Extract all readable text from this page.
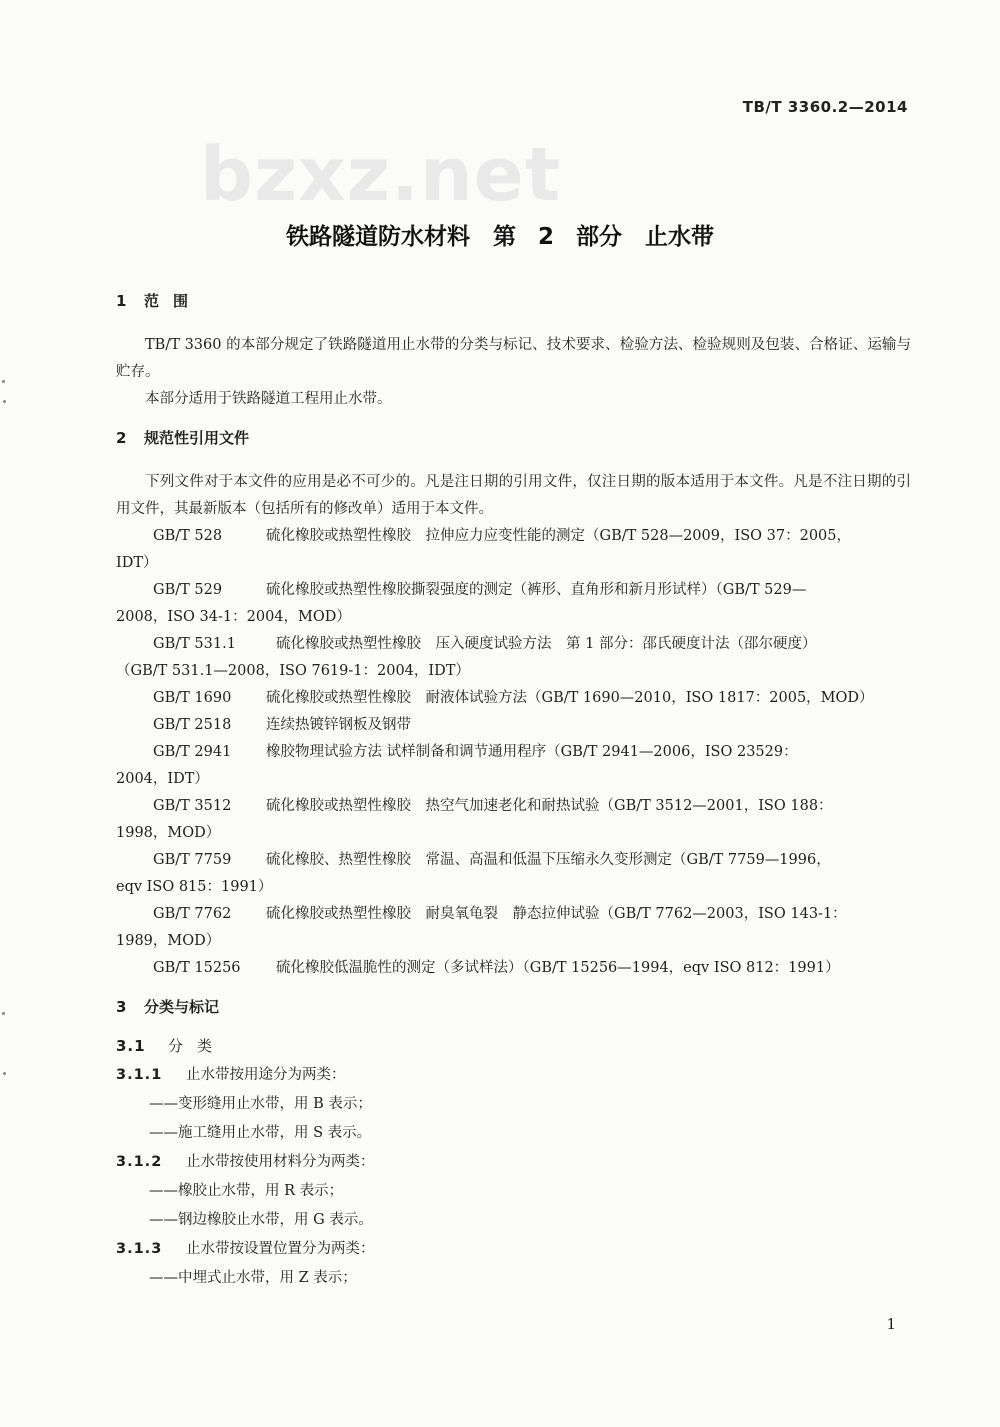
TB/T 3360.2—2014
bzxz.net
铁路隧道防水材料　第 2 部分　止水带
1 范围

TB/T 3360 的本部分规定了铁路隧道用止水带的分类与标记、技术要求、检验方法、检验规则及包装、合格证、运输与贮存。

本部分适用于铁路隧道工程用止水带。

2 规范性引用文件

下列文件对于本文件的应用是必不可少的。凡是注日期的引用文件，仅注日期的版本适用于本文件。凡是不注日期的引用文件，其最新版本（包括所有的修改单）适用于本文件。

GB/T 528	硫化橡胶或热塑性橡胶　拉伸应力应变性能的测定（GB/T 528—2009，ISO 37：2005，

IDT）

GB/T 529	硫化橡胶或热塑性橡胶撕裂强度的测定（裤形、直角形和新月形试样）（GB/T 529—

2008，ISO 34-1：2004，MOD）

GB/T 531.1	硫化橡胶或热塑性橡胶　压入硬度试验方法　第 1 部分：邵氏硬度计法（邵尔硬度）

（GB/T 531.1—2008，ISO 7619-1：2004，IDT）

GB/T 1690	硫化橡胶或热塑性橡胶　耐液体试验方法（GB/T 1690—2010，ISO 1817：2005，MOD）
GB/T 2518	连续热镀锌钢板及钢带
GB/T 2941	橡胶物理试验方法 试样制备和调节通用程序（GB/T 2941—2006，ISO 23529：

2004，IDT）

GB/T 3512	硫化橡胶或热塑性橡胶　热空气加速老化和耐热试验（GB/T 3512—2001，ISO 188：

1998，MOD）

GB/T 7759	硫化橡胶、热塑性橡胶　常温、高温和低温下压缩永久变形测定（GB/T 7759—1996，

eqv ISO 815：1991）

GB/T 7762	硫化橡胶或热塑性橡胶　耐臭氧龟裂　静态拉伸试验（GB/T 7762—2003，ISO 143-1：

1989，MOD）

GB/T 15256	硫化橡胶低温脆性的测定（多试样法）（GB/T 15256—1994，eqv ISO 812：1991）
3 分类与标记
3.1 分类

3.1.1 止水带按用途分为两类：

——变形缝用止水带，用 B 表示；

——施工缝用止水带，用 S 表示。

3.1.2 止水带按使用材料分为两类：

——橡胶止水带，用 R 表示；

——钢边橡胶止水带，用 G 表示。

3.1.3 止水带按设置位置分为两类：

——中埋式止水带，用 Z 表示；

1
